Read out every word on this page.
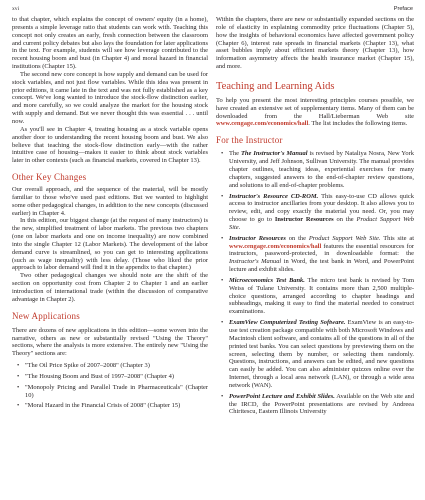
xvi	Preface

to that chapter, which explains the concept of owners' equity (in a home), presents a simple leverage ratio that students can work with. Teaching this concept not only creates an early, fresh connection between the classroom and current policy debates but also lays the foundation for later applications in the text. For example, students will see how leverage contributed to the recent housing boom and bust (in Chapter 4) and moral hazard in financial institutions (Chapter 15).

The second new core concept is how supply and demand can be used for stock variables, and not just flow variables. While this idea was present in prior editions, it came late in the text and was not fully established as a key concept. We've long wanted to introduce the stock-flow distinction earlier, and more carefully, so we could analyze the market for the housing stock with supply and demand. But we never thought this was essential . . . until now.

As you'll see in Chapter 4, treating housing as a stock variable opens another door to understanding the recent housing boom and bust. We also believe that teaching the stock-flow distinction early—with the rather intuitive case of housing—makes it easier to think about stock variables later in other contexts (such as financial markets, covered in Chapter 13).

Other Key Changes

Our overall approach, and the sequence of the material, will be mostly familiar to those who've used past editions. But we wanted to highlight some other pedagogical changes, in addition to the new concepts (discussed earlier) in Chapter 4.

In this edition, our biggest change (at the request of many instructors) is the new, simplified treatment of labor markets. The previous two chapters (one on labor markets and one on income inequality) are now combined into the single Chapter 12 (Labor Markets). The development of the labor demand curve is streamlined, so you can get to interesting applications (such as wage inequality) with less delay. (Those who liked the prior approach to labor demand will find it in the appendix to that chapter.)

Two other pedagogical changes we should note are the shift of the section on opportunity cost from Chapter 2 to Chapter 1 and an earlier introduction of international trade (within the discussion of comparative advantage in Chapter 2).

New Applications

There are dozens of new applications in this edition—some woven into the narrative, others as new or substantially revised "Using the Theory" sections, where the analysis is more extensive. The entirely new "Using the Theory" sections are:

• "The Oil Price Spike of 2007–2008" (Chapter 3)
• "The Housing Boom and Bust of 1997–2008" (Chapter 4)
• "Monopoly Pricing and Parallel Trade in Pharmaceuticals" (Chapter 10)
• "Moral Hazard in the Financial Crisis of 2008" (Chapter 15)

Within the chapters, there are new or substantially expanded sections on the role of elasticity in explaining commodity price fluctuations (Chapter 5), how the insights of behavioral economics have affected government policy (Chapter 6), interest rate spreads in financial markets (Chapter 13), what asset bubbles imply about efficient markets theory (Chapter 13), how information asymmetry affects the health insurance market (Chapter 15), and more.

Teaching and Learning Aids

To help you present the most interesting principles courses possible, we have created an extensive set of supplementary items. Many of them can be downloaded from the Hall/Lieberman Web site www.cengage.com/economics/hall. The list includes the following items.

For the Instructor
• The The Instructor's Manual is revised by Nataliya Nosra, New York University, and Jeff Johnson, Sullivan University. The manual provides chapter outlines, teaching ideas, experiential exercises for many chapters, suggested answers to the end-of-chapter review questions, and solutions to all end-of-chapter problems.
• Instructor's Resource CD-ROM. This easy-to-use CD allows quick access to instructor ancillaries from your desktop. It also allows you to review, edit, and copy exactly the material you need. Or, you may choose to go to Instructor Resources on the Product Support Web Site.
• Instructor Resources on the Product Support Web Site. This site at www.cengage.com/economics/hall features the essential resources for instructors, password-protected, in downloadable format: the Instructor's Manual in Word, the test bank in Word, and PowerPoint lecture and exhibit slides.
• Microeconomics Test Bank. The micro test bank is revised by Tom Weiss of Tulane University. It contains more than 2,500 multiple-choice questions, arranged according to chapter headings and subheadings, making it easy to find the material needed to construct examinations.
• ExamView Computerized Testing Software. ExamView is an easy-to-use test creation package compatible with both Microsoft Windows and Macintosh client software, and contains all of the questions in all of the printed test banks. You can select questions by previewing them on the screen, selecting them by number, or selecting them randomly. Questions, instructions, and answers can be edited, and new questions can easily be added. You can also administer quizzes online over the Internet, through a local area network (LAN), or through a wide area network (WAN).
• PowerPoint Lecture and Exhibit Slides. Available on the Web site and the IRCD, the PowerPoint presentations are revised by Andreea Chiritescu, Eastern Illinois University
